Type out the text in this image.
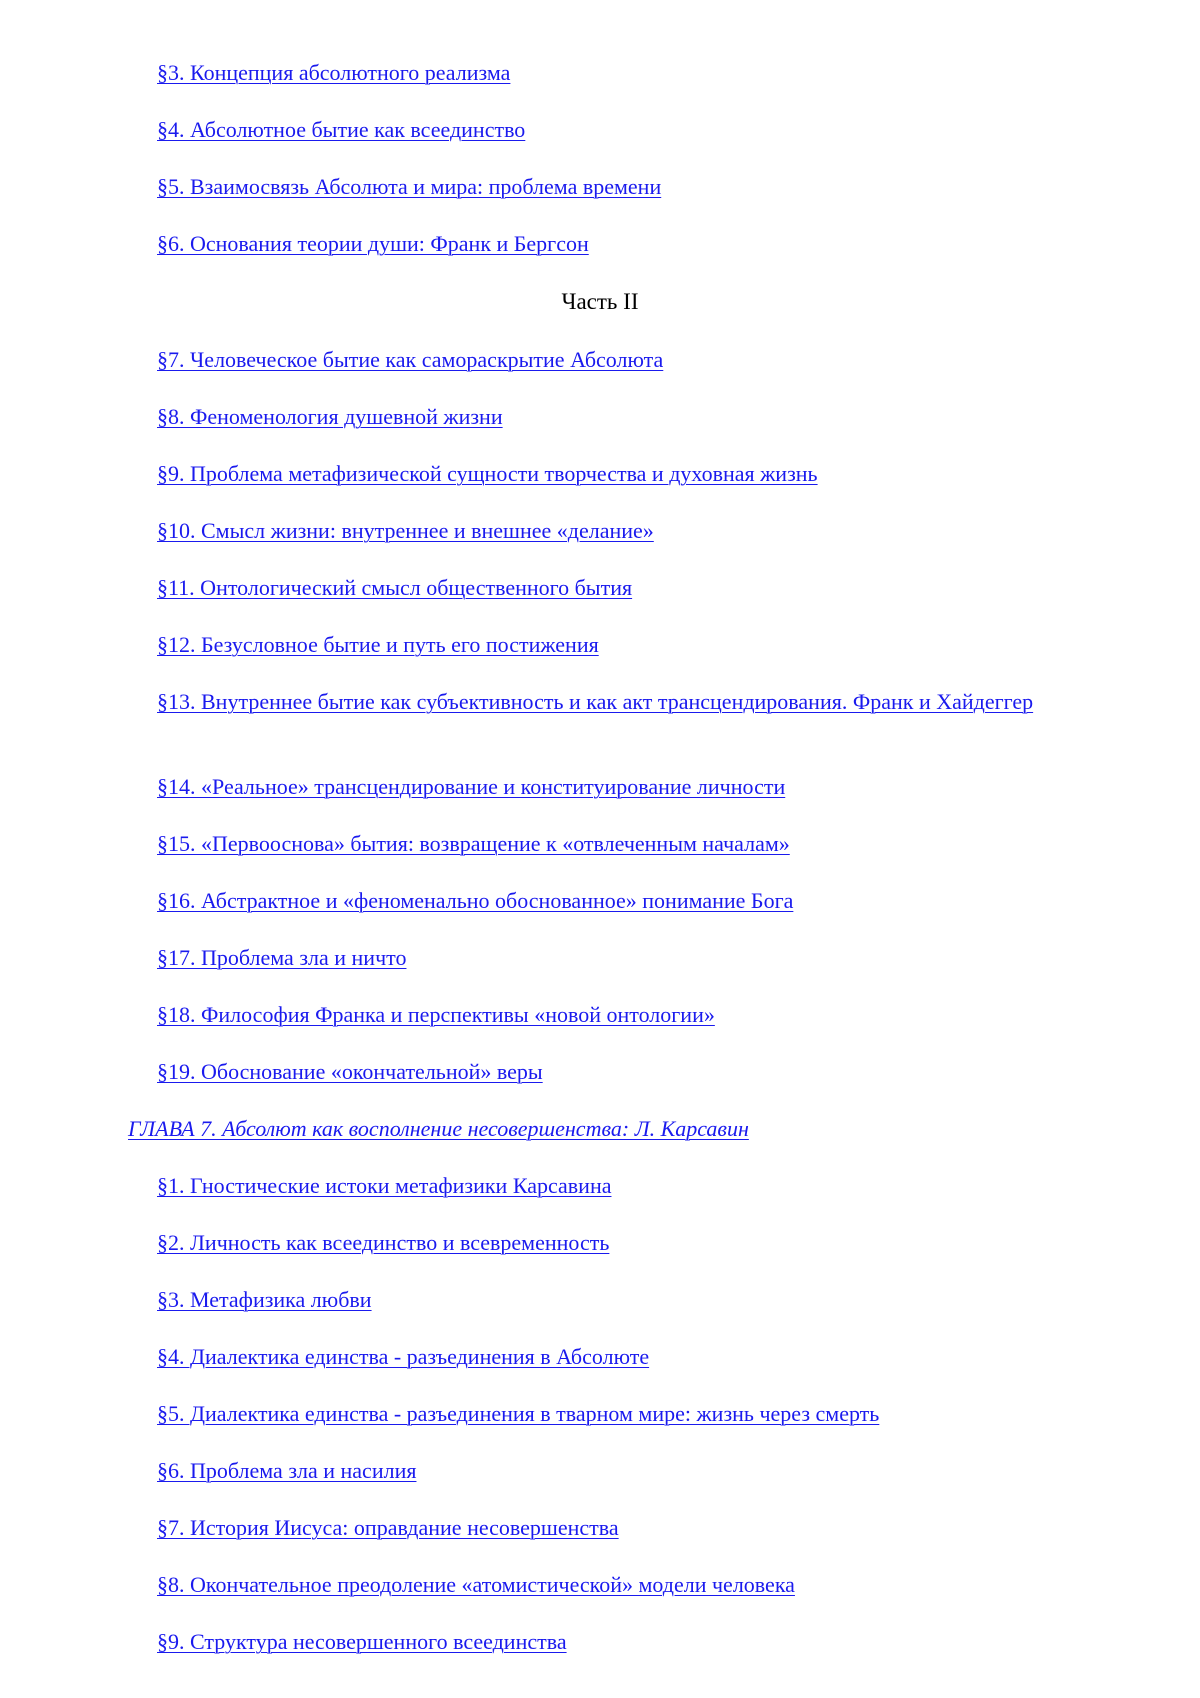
§3. Концепция абсолютного реализма
§4. Абсолютное бытие как всеединство
§5. Взаимосвязь Абсолюта и мира: проблема времени
§6. Основания теории души: Франк и Бергсон
Часть II
§7. Человеческое бытие как самораскрытие Абсолюта
§8. Феноменология душевной жизни
§9. Проблема метафизической сущности творчества и духовная жизнь
§10. Смысл жизни: внутреннее и внешнее «делание»
§11. Онтологический смысл общественного бытия
§12. Безусловное бытие и путь его постижения
§13. Внутреннее бытие как субъективность и как акт трансцендирования. Франк и Хайдеггер
§14. «Реальное» трансцендирование и конституирование личности
§15. «Первооснова» бытия: возвращение к «отвлеченным началам»
§16. Абстрактное и «феноменально обоснованное» понимание Бога
§17. Проблема зла и ничто
§18. Философия Франка и перспективы «новой онтологии»
§19. Обоснование «окончательной» веры
ГЛАВА 7. Абсолют как восполнение несовершенства: Л. Карсавин
§1. Гностические истоки метафизики Карсавина
§2. Личность как всеединство и всевременность
§3. Метафизика любви
§4. Диалектика единства - разъединения в Абсолюте
§5. Диалектика единства - разъединения в тварном мире: жизнь через смерть
§6. Проблема зла и насилия
§7. История Иисуса: оправдание несовершенства
§8. Окончательное преодоление «атомистической» модели человека
§9. Структура несовершенного всеединства
